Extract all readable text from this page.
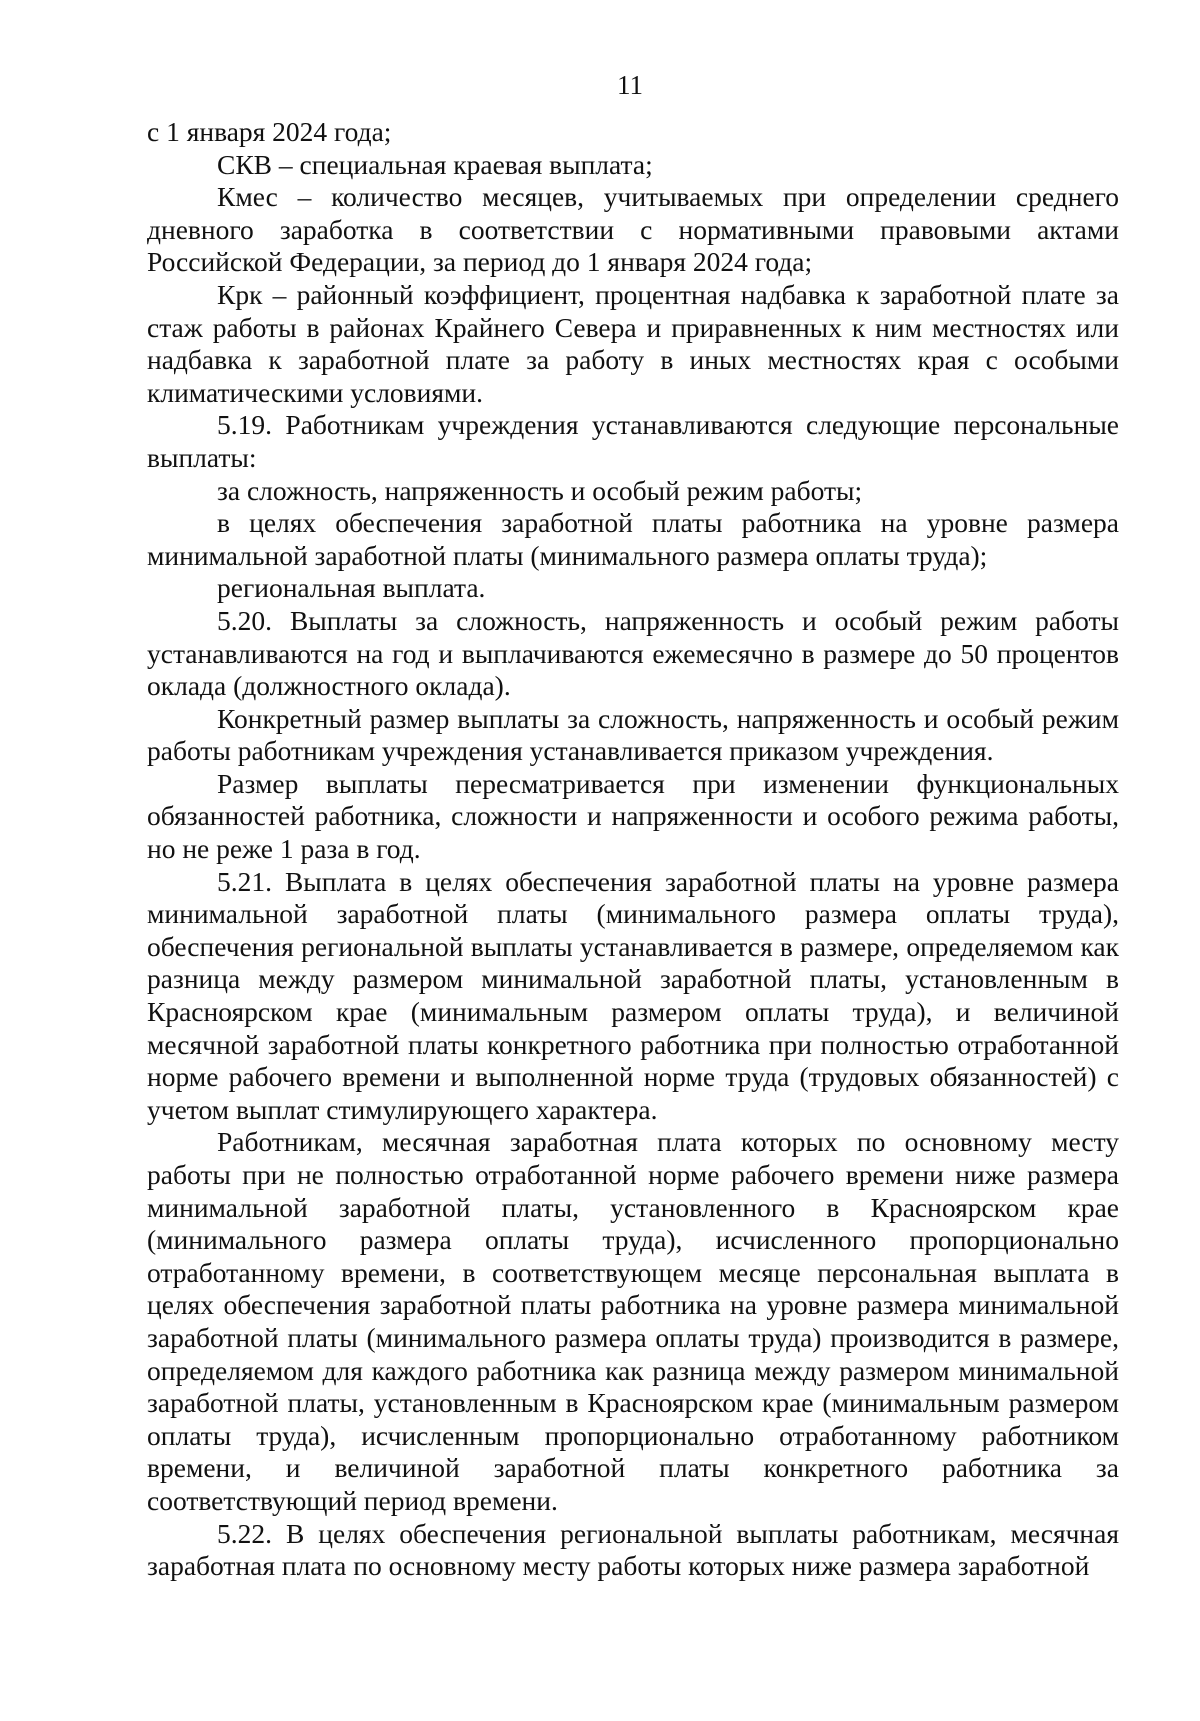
11

с 1 января 2024 года;

СКВ – специальная краевая выплата;

Кмес – количество месяцев, учитываемых при определении среднего дневного заработка в соответствии с нормативными правовыми актами Российской Федерации, за период до 1 января 2024 года;

Крк – районный коэффициент, процентная надбавка к заработной плате за стаж работы в районах Крайнего Севера и приравненных к ним местностях или надбавка к заработной плате за работу в иных местностях края с особыми климатическими условиями.

5.19. Работникам учреждения устанавливаются следующие персональные выплаты:

за сложность, напряженность и особый режим работы;

в целях обеспечения заработной платы работника на уровне размера минимальной заработной платы (минимального размера оплаты труда);

региональная выплата.

5.20. Выплаты за сложность, напряженность и особый режим работы устанавливаются на год и выплачиваются ежемесячно в размере до 50 процентов оклада (должностного оклада).

Конкретный размер выплаты за сложность, напряженность и особый режим работы работникам учреждения устанавливается приказом учреждения.

Размер выплаты пересматривается при изменении функциональных обязанностей работника, сложности и напряженности и особого режима работы, но не реже 1 раза в год.

5.21. Выплата в целях обеспечения заработной платы на уровне размера минимальной заработной платы (минимального размера оплаты труда), обеспечения региональной выплаты устанавливается в размере, определяемом как разница между размером минимальной заработной платы, установленным в Красноярском крае (минимальным размером оплаты труда), и величиной месячной заработной платы конкретного работника при полностью отработанной норме рабочего времени и выполненной норме труда (трудовых обязанностей) с учетом выплат стимулирующего характера.

Работникам, месячная заработная плата которых по основному месту работы при не полностью отработанной норме рабочего времени ниже размера минимальной заработной платы, установленного в Красноярском крае (минимального размера оплаты труда), исчисленного пропорционально отработанному времени, в соответствующем месяце персональная выплата в целях обеспечения заработной платы работника на уровне размера минимальной заработной платы (минимального размера оплаты труда) производится в размере, определяемом для каждого работника как разница между размером минимальной заработной платы, установленным в Красноярском крае (минимальным размером оплаты труда), исчисленным пропорционально отработанному работником времени, и величиной заработной платы конкретного работника за соответствующий период времени.

5.22. В целях обеспечения региональной выплаты работникам, месячная заработная плата по основному месту работы которых ниже размера заработной
